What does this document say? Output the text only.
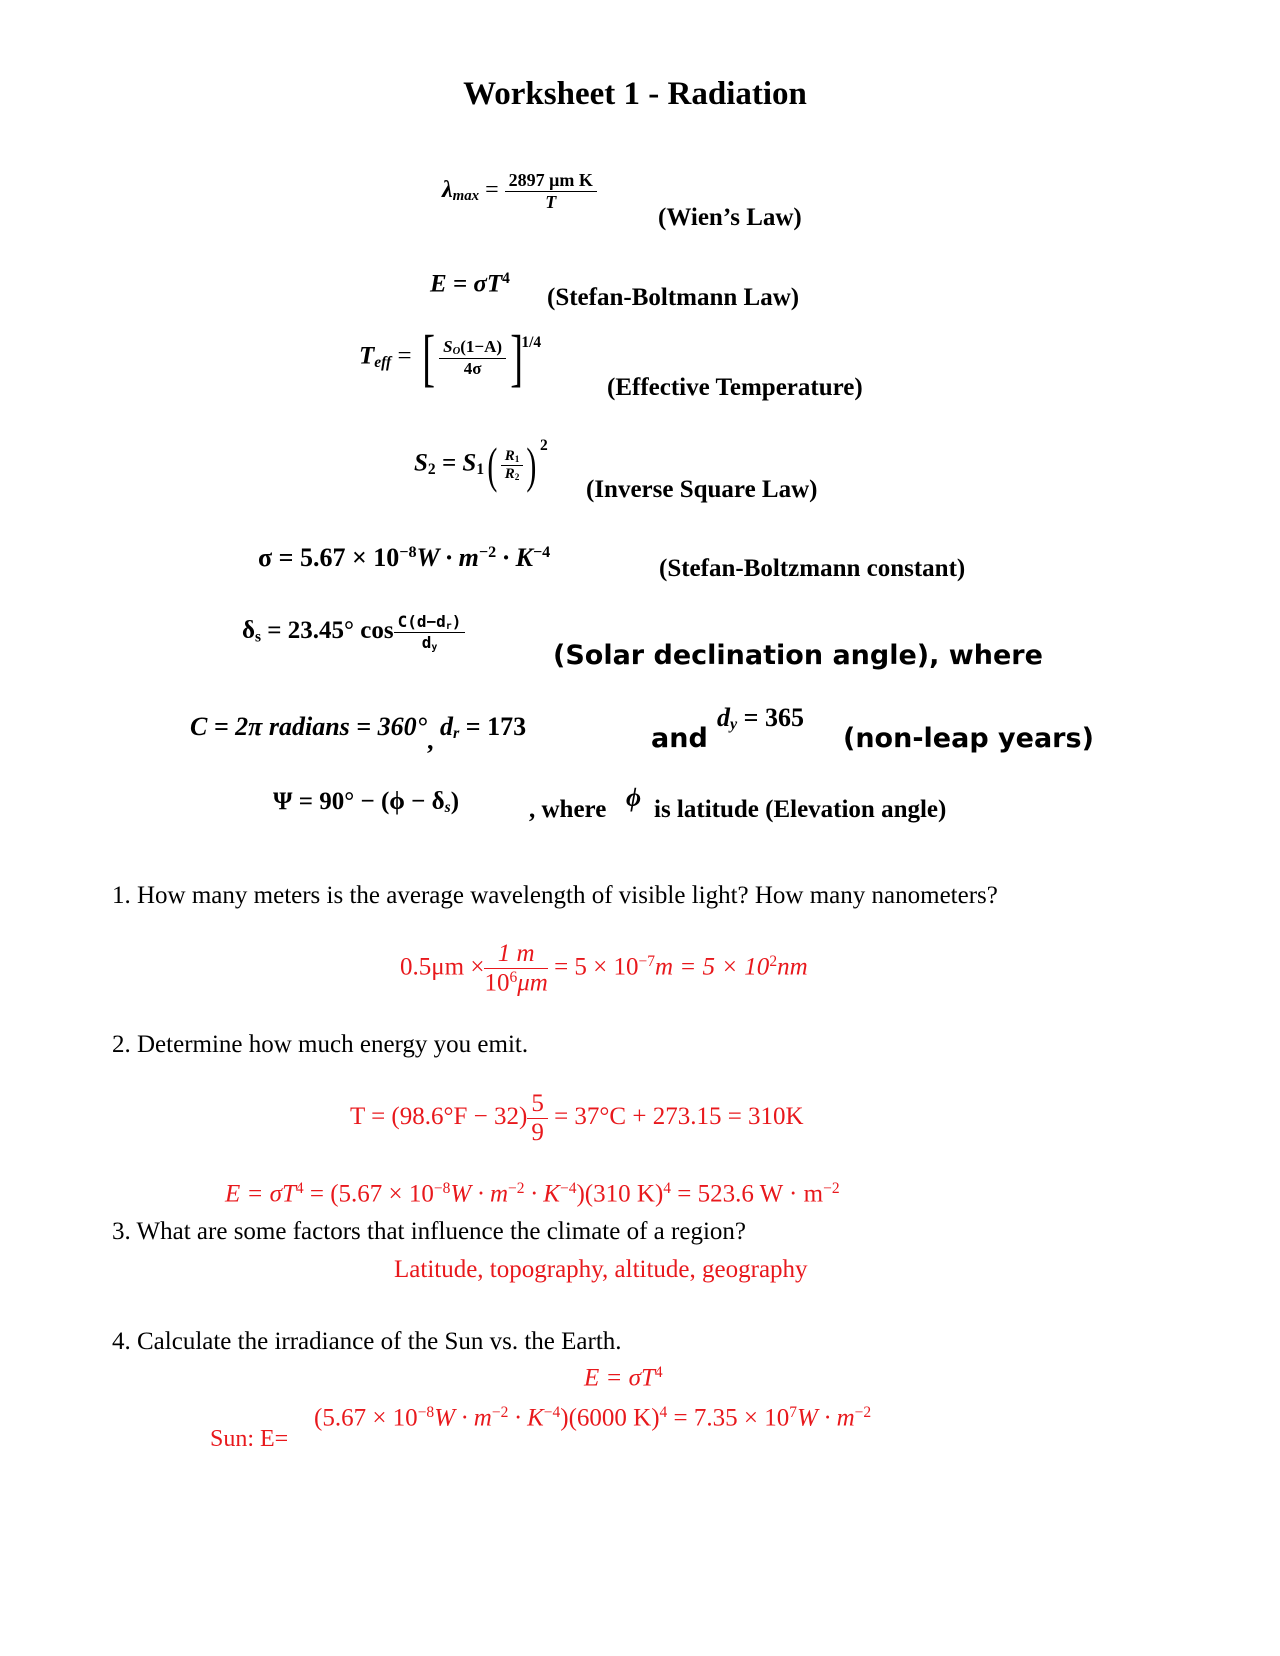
Worksheet 1 - Radiation
$\lambda_{max} = \frac{\text{2897 μm K}}{T}$
(Wien’s Law)
$E = \sigma T^4$
(Stefan-Boltmann Law)
$T_{eff}$ = [ $\frac{S_O(1-A)}{4\sigma} ]^{1/4}$
(Effective Temperature)
$S_2 = S_1( \frac{R_1}{R_2}$ ) $^2$
(Inverse Square Law)
$\sigma = 5.67 \times 10^{-8}W \cdot m^{-2} \cdot K^{-4}$
(Stefan-Boltzmann constant)
$\delta_s = 23.45^\circ$ $\cos \frac{C(d-d_r)}{d_y}$
(Solar declination angle), where
C = 2π radians = 360°, $d_r = 173$	and
$d_y = 365$
(non-leap years)
$\Psi = 90^\circ - (\phi - \delta_s)$	, where ϕ is latitude (Elevation angle)
1. How many meters is the average wavelength of visible light? How many nanometers?
$0.5\mu m \times \frac{1 m}{10^6\mu m} = 5 \times 10^{-7}m = 5 \times 10^2nm$
2. Determine how much energy you emit.
$T = (98.6^\circ F - 32) \frac{5}{9} = 37^\circ C + 273.15 = 310K$
$E = \sigma T^4 = (5.67 \times 10^{-8}W \cdot m^{-2} \cdot K^{-4})(310$ K)$^4$ = 523.6 $W \cdot m^{-2}$
3. What are some factors that influence the climate of a region?
Latitude, topography, altitude, geography
4. Calculate the irradiance of the Sun vs. the Earth.
$E = \sigma T^4$
Sun: E=
$(5.67 \times 10^{-8}W \cdot m^{-2} \cdot K^{-4})(6000$ $K)^4 = 7.35 \times 10^7W \cdot m^{-2}$
